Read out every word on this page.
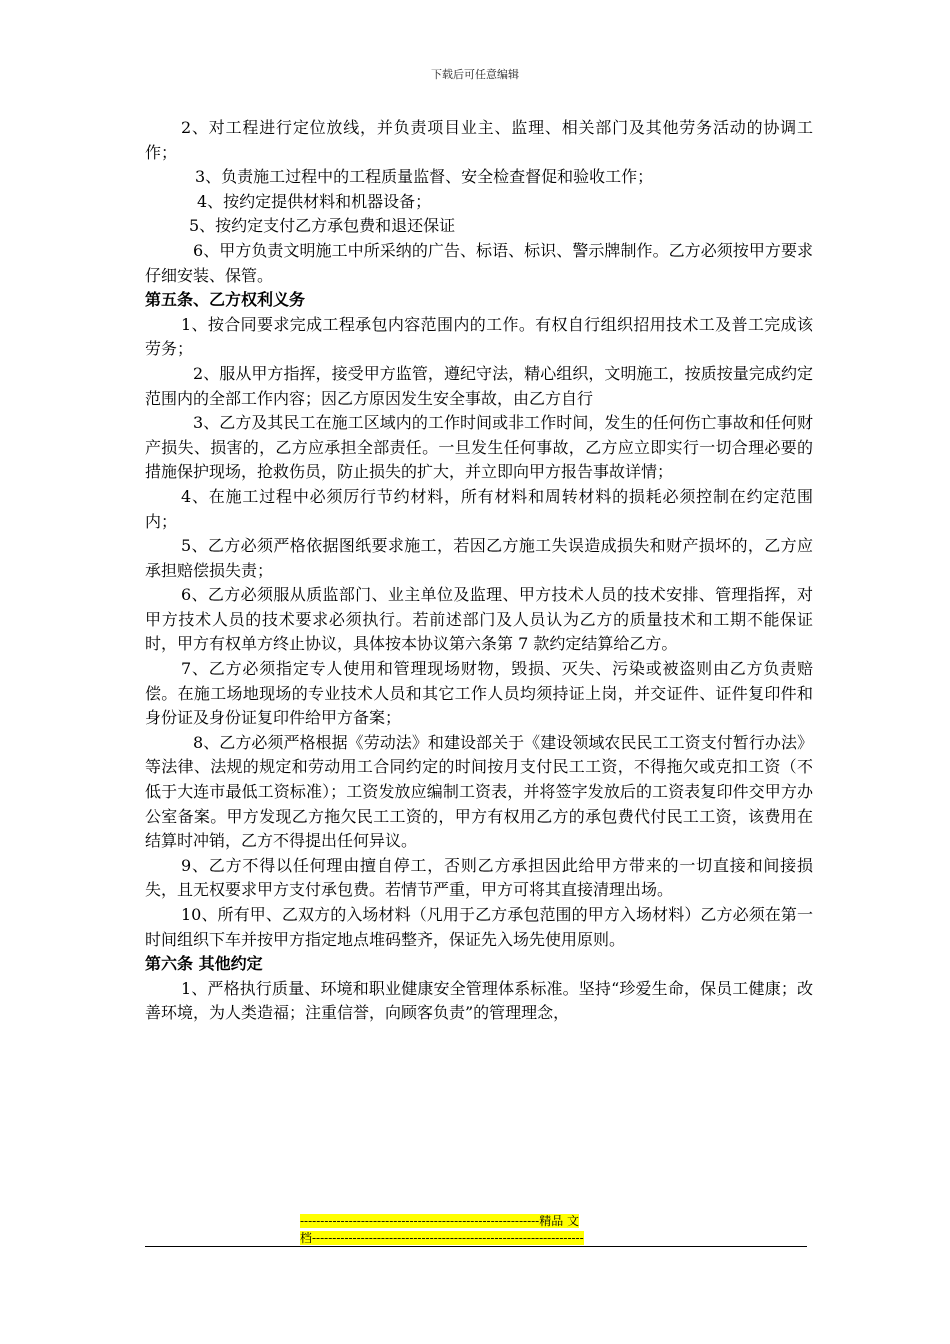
下载后可任意编辑

2、对工程进行定位放线，并负责项目业主、监理、相关部门及其他劳务活动的协调工作；

3、负责施工过程中的工程质量监督、安全检查督促和验收工作；

4、按约定提供材料和机器设备；

5、按约定支付乙方承包费和退还保证

6、甲方负责文明施工中所采纳的广告、标语、标识、警示牌制作。乙方必须按甲方要求仔细安装、保管。

第五条、乙方权利义务

1、按合同要求完成工程承包内容范围内的工作。有权自行组织招用技术工及普工完成该劳务；

2、服从甲方指挥，接受甲方监管，遵纪守法，精心组织，文明施工，按质按量完成约定范围内的全部工作内容；因乙方原因发生安全事故，由乙方自行

3、乙方及其民工在施工区域内的工作时间或非工作时间，发生的任何伤亡事故和任何财产损失、损害的，乙方应承担全部责任。一旦发生任何事故，乙方应立即实行一切合理必要的措施保护现场，抢救伤员，防止损失的扩大，并立即向甲方报告事故详情；

4、在施工过程中必须厉行节约材料，所有材料和周转材料的损耗必须控制在约定范围内；

5、乙方必须严格依据图纸要求施工，若因乙方施工失误造成损失和财产损坏的，乙方应承担赔偿损失责；

6、乙方必须服从质监部门、业主单位及监理、甲方技术人员的技术安排、管理指挥，对甲方技术人员的技术要求必须执行。若前述部门及人员认为乙方的质量技术和工期不能保证时，甲方有权单方终止协议，具体按本协议第六条第 7 款约定结算给乙方。

7、乙方必须指定专人使用和管理现场财物，毁损、灭失、污染或被盗则由乙方负责赔偿。在施工场地现场的专业技术人员和其它工作人员均须持证上岗，并交证件、证件复印件和身份证及身份证复印件给甲方备案；

8、乙方必须严格根据《劳动法》和建设部关于《建设领域农民民工工资支付暂行办法》等法律、法规的规定和劳动用工合同约定的时间按月支付民工工资，不得拖欠或克扣工资（不低于大连市最低工资标准）；工资发放应编制工资表，并将签字发放后的工资表复印件交甲方办公室备案。甲方发现乙方拖欠民工工资的，甲方有权用乙方的承包费代付民工工资，该费用在结算时冲销，乙方不得提出任何异议。

9、乙方不得以任何理由擅自停工，否则乙方承担因此给甲方带来的一切直接和间接损失，且无权要求甲方支付承包费。若情节严重，甲方可将其直接清理出场。

10、所有甲、乙双方的入场材料（凡用于乙方承包范围的甲方入场材料）乙方必须在第一时间组织下车并按甲方指定地点堆码整齐，保证先入场先使用原则。

第六条 其他约定

1、严格执行质量、环境和职业健康安全管理体系标准。坚持“珍爱生命，保员工健康；改善环境，为人类造福；注重信誉，向顾客负责”的管理理念，

-----------------------------------------------------------精品 文
档-------------------------------------------------------------------
